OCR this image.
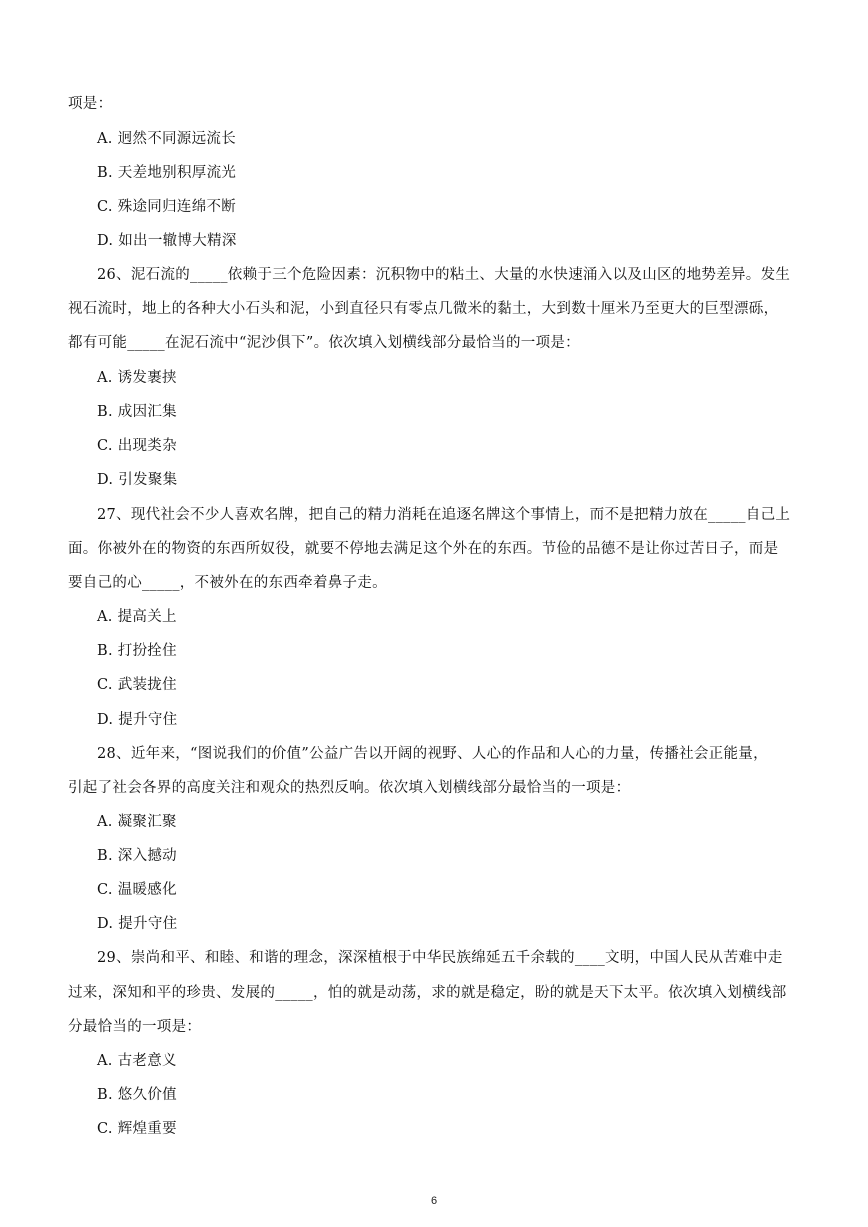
项是：
A. 迥然不同源远流长
B. 天差地别积厚流光
C. 殊途同归连绵不断
D. 如出一辙博大精深
26、泥石流的_____依赖于三个危险因素：沉积物中的粘土、大量的水快速涌入以及山区的地势差异。发生
视石流时，地上的各种大小石头和泥，小到直径只有零点几微米的黏土，大到数十厘米乃至更大的巨型漂砾，
都有可能_____在泥石流中“泥沙俱下”。依次填入划横线部分最恰当的一项是：
A. 诱发裹挟
B. 成因汇集
C. 出现类杂
D. 引发聚集
27、现代社会不少人喜欢名牌，把自己的精力消耗在追逐名牌这个事情上，而不是把精力放在_____自己上
面。你被外在的物资的东西所奴役，就要不停地去满足这个外在的东西。节俭的品德不是让你过苦日子，而是
要自己的心_____，不被外在的东西牵着鼻子走。
A. 提高关上
B. 打扮拴住
C. 武装拢住
D. 提升守住
28、近年来，“图说我们的价值”公益广告以开阔的视野、人心的作品和人心的力量，传播社会正能量，
引起了社会各界的高度关注和观众的热烈反响。依次填入划横线部分最恰当的一项是：
A. 凝聚汇聚
B. 深入撼动
C. 温暖感化
D. 提升守住
29、崇尚和平、和睦、和谐的理念，深深植根于中华民族绵延五千余载的____文明，中国人民从苦难中走
过来，深知和平的珍贵、发展的_____，怕的就是动荡，求的就是稳定，盼的就是天下太平。依次填入划横线部
分最恰当的一项是：
A. 古老意义
B. 悠久价值
C. 辉煌重要
6
